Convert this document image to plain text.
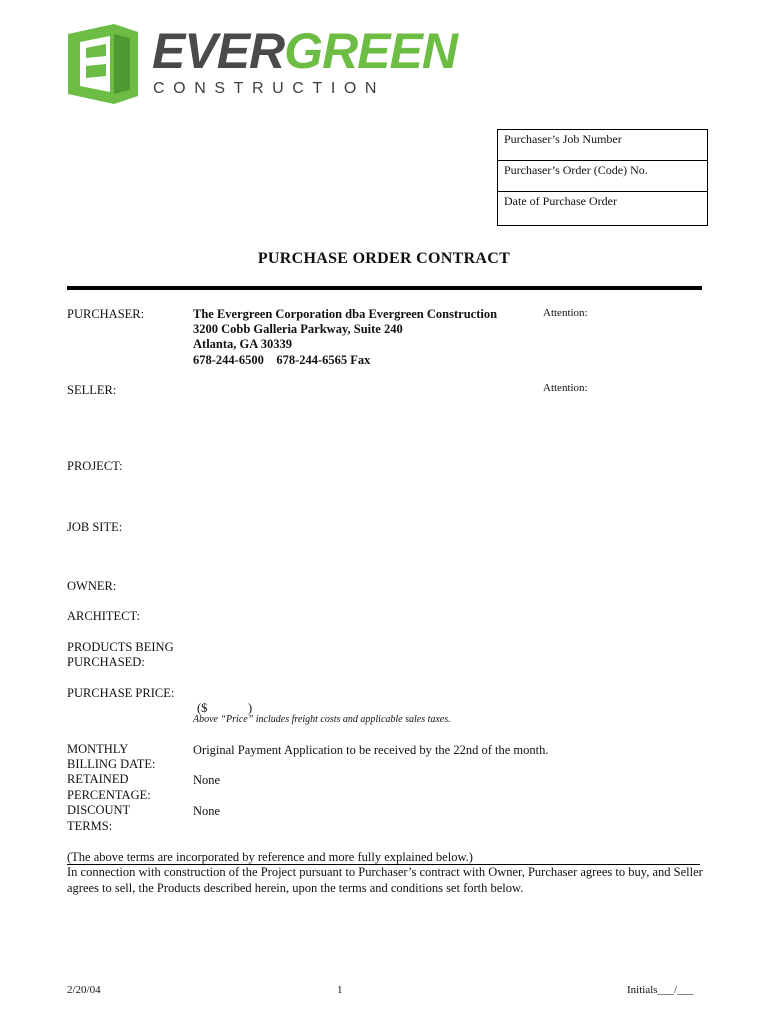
EVERGREEN
CONSTRUCTION
Purchaser’s Job Number
Purchaser’s Order (Code) No.
Date of Purchase Order
PURCHASE ORDER CONTRACT
PURCHASER:	The Evergreen Corporation dba Evergreen Construction
3200 Cobb Galleria Parkway, Suite 240
Atlanta, GA 30339
678-244-6500    678-244-6565 Fax
Attention:
SELLER:	Attention:
PROJECT:
JOB SITE:
OWNER:
ARCHITECT:
PRODUCTS BEING
PURCHASED:
PURCHASE PRICE:
($             )
Above “Price” includes freight costs and applicable sales taxes.
MONTHLY
BILLING DATE:
Original Payment Application to be received by the 22nd of the month.
RETAINED
PERCENTAGE:
None
DISCOUNT
TERMS:
None
(The above terms are incorporated by reference and more fully explained below.)
In connection with construction of the Project pursuant to Purchaser’s contract with Owner, Purchaser agrees to buy, and Seller agrees to sell, the Products described herein, upon the terms and conditions set forth below.
2/20/04	1	Initials___/___
